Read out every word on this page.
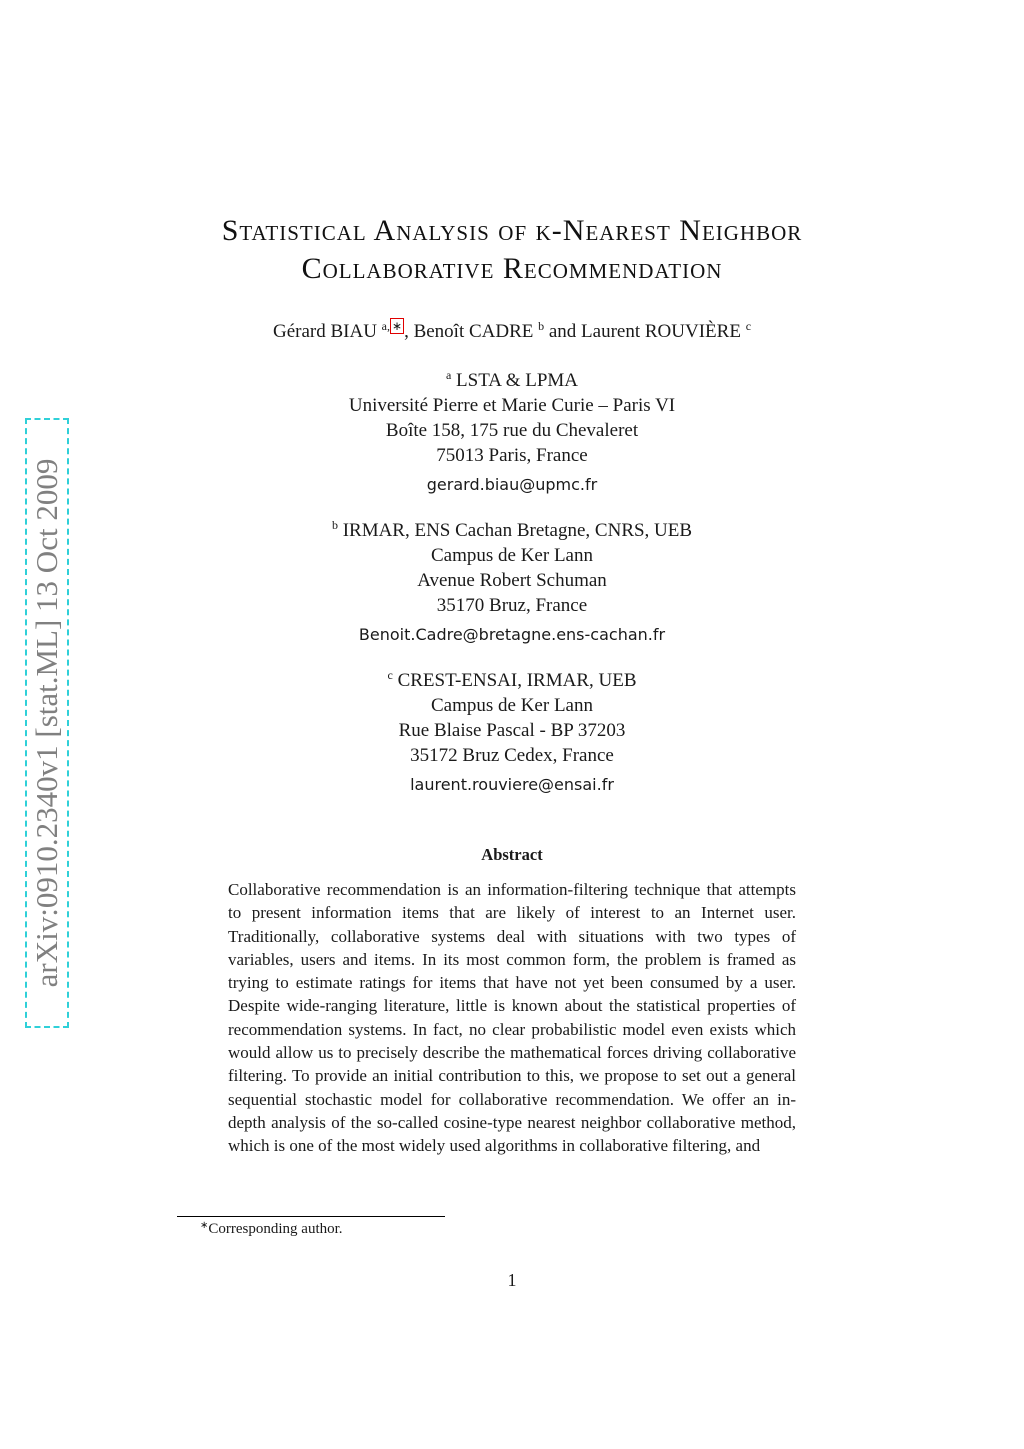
Statistical Analysis of k-Nearest Neighbor
Collaborative Recommendation
Gérard BIAU $^{a, ∗}$ , Benoît CADRE $^b$ and Laurent ROUVIÈRE $^c$
$^a$ LSTA & LPMA
Université Pierre et Marie Curie – Paris VI
Boîte 158, 175 rue du Chevaleret
75013 Paris, France
gerard.biau@upmc.fr
$^b$ IRMAR, ENS Cachan Bretagne, CNRS, UEB
Campus de Ker Lann
Avenue Robert Schuman
35170 Bruz, France
Benoit.Cadre@bretagne.ens-cachan.fr
$^c$ CREST-ENSAI, IRMAR, UEB
Campus de Ker Lann
Rue Blaise Pascal - BP 37203
35172 Bruz Cedex, France
laurent.rouviere@ensai.fr
arXiv:0910.2340v1 [stat.ML] 13 Oct 2009	Abstract
Collaborative recommendation is an information-filtering technique that attempts to present information items that are likely of interest to an Internet user. Traditionally, collaborative systems deal with situations with two types of variables, users and items. In its most common form, the problem is framed as trying to estimate ratings for items that have not yet been consumed by a user. Despite wide-ranging literature, little is known about the statistical properties of recommendation systems. In fact, no clear probabilistic model even exists which would allow us to precisely describe the mathematical forces driving collaborative filtering. To provide an initial contribution to this, we propose to set out a general sequential stochastic model for collaborative recommendation. We offer an in-depth analysis of the so-called cosine-type nearest neighbor collaborative method, which is one of the most widely used algorithms in collaborative filtering, and
∗Corresponding author.
1
